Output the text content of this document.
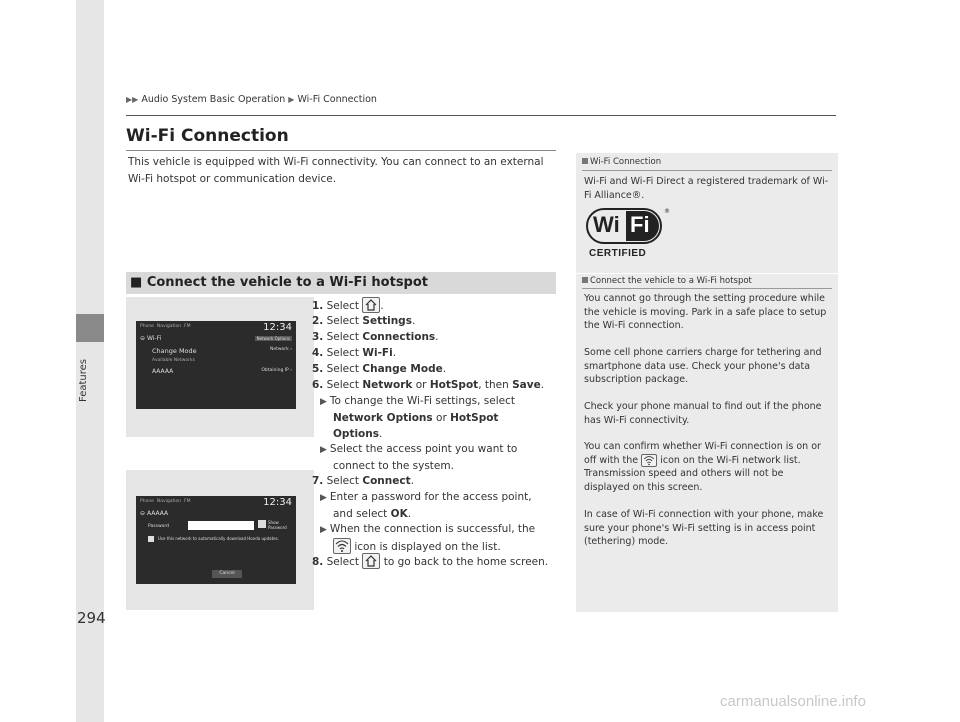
Features
294
▶▶ Audio System Basic Operation ▶ Wi-Fi Connection
Wi-Fi Connection
This vehicle is equipped with Wi-Fi connectivity. You can connect to an external Wi-Fi hotspot or communication device.
■ Connect the vehicle to a Wi-Fi hotspot
Phone Navigation FM	12:34
⊖ Wi-Fi	Network Options
Change Mode	Network ›
Available Networks
AAAAA	Obtaining IP ›
Phone Navigation FM	12:34
⊖ AAAAA
Password
Show
Password
Use this network to automatically download Honda updates.
Cancel
1. Select .
2. Select Settings.
3. Select Connections.
4. Select Wi-Fi.
5. Select Change Mode.
6. Select Network or HotSpot, then Save.
▶ To change the Wi-Fi settings, select
Network Options or HotSpot
Options.
▶ Select the access point you want to
connect to the system.
7. Select Connect.
▶ Enter a password for the access point,
and select OK.
▶ When the connection is successful, the
icon is displayed on the list.
8. Select to go back to the home screen.
Wi-Fi Connection
Wi-Fi and Wi-Fi Direct a registered trademark of Wi-Fi Alliance®.
Wi Fi
®
CERTIFIED
Connect the vehicle to a Wi-Fi hotspot
You cannot go through the setting procedure while the vehicle is moving. Park in a safe place to setup the Wi-Fi connection.
Some cell phone carriers charge for tethering and smartphone data use. Check your phone's data subscription package.
Check your phone manual to find out if the phone has Wi-Fi connectivity.
You can confirm whether Wi-Fi connection is on or off with the icon on the Wi-Fi network list. Transmission speed and others will not be displayed on this screen.
In case of Wi-Fi connection with your phone, make sure your phone's Wi-Fi setting is in access point (tethering) mode.
carmanualsonline.info
